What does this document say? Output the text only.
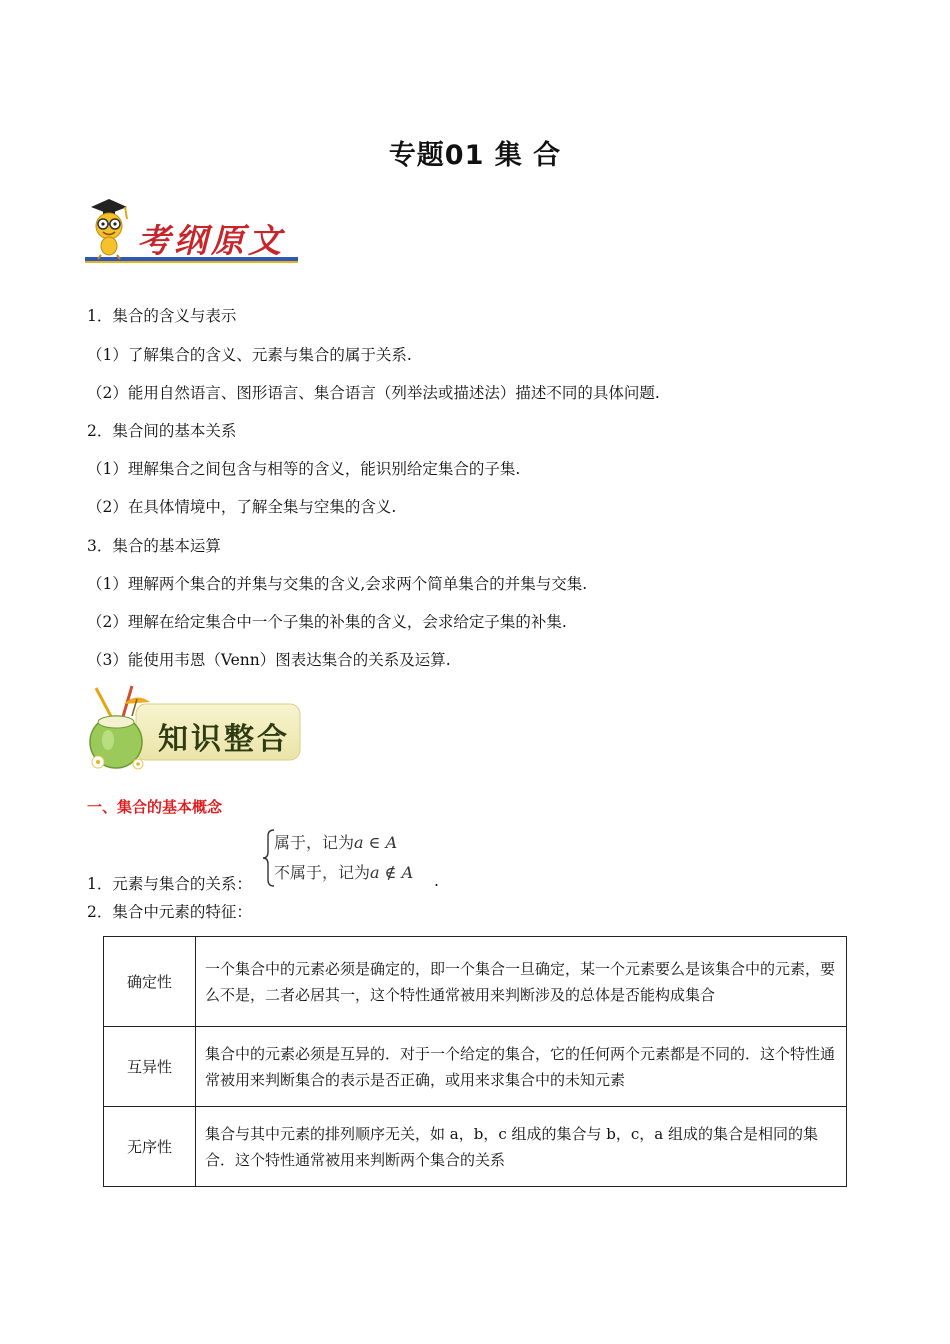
专题01 集 合
考纲原文
1．集合的含义与表示
（1）了解集合的含义、元素与集合的属于关系.
（2）能用自然语言、图形语言、集合语言（列举法或描述法）描述不同的具体问题.
2．集合间的基本关系
（1）理解集合之间包含与相等的含义，能识别给定集合的子集.
（2）在具体情境中，了解全集与空集的含义.
3．集合的基本运算
（1）理解两个集合的并集与交集的含义,会求两个简单集合的并集与交集.
（2）理解在给定集合中一个子集的补集的含义，会求给定子集的补集.
（3）能使用韦恩（Venn）图表达集合的关系及运算.
知识整合
一、集合的基本概念
1．元素与集合的关系：
属于，记为a ∈ A
不属于，记为a ∉ A .
2．集合中元素的特征：
确定性	一个集合中的元素必须是确定的，即一个集合一旦确定，某一个元素要么是该集合中的元素，要么不是，二者必居其一，这个特性通常被用来判断涉及的总体是否能构成集合
互异性	集合中的元素必须是互异的．对于一个给定的集合，它的任何两个元素都是不同的．这个特性通常被用来判断集合的表示是否正确，或用来求集合中的未知元素
无序性	集合与其中元素的排列顺序无关，如 a，b，c 组成的集合与 b，c，a 组成的集合是相同的集合．这个特性通常被用来判断两个集合的关系
